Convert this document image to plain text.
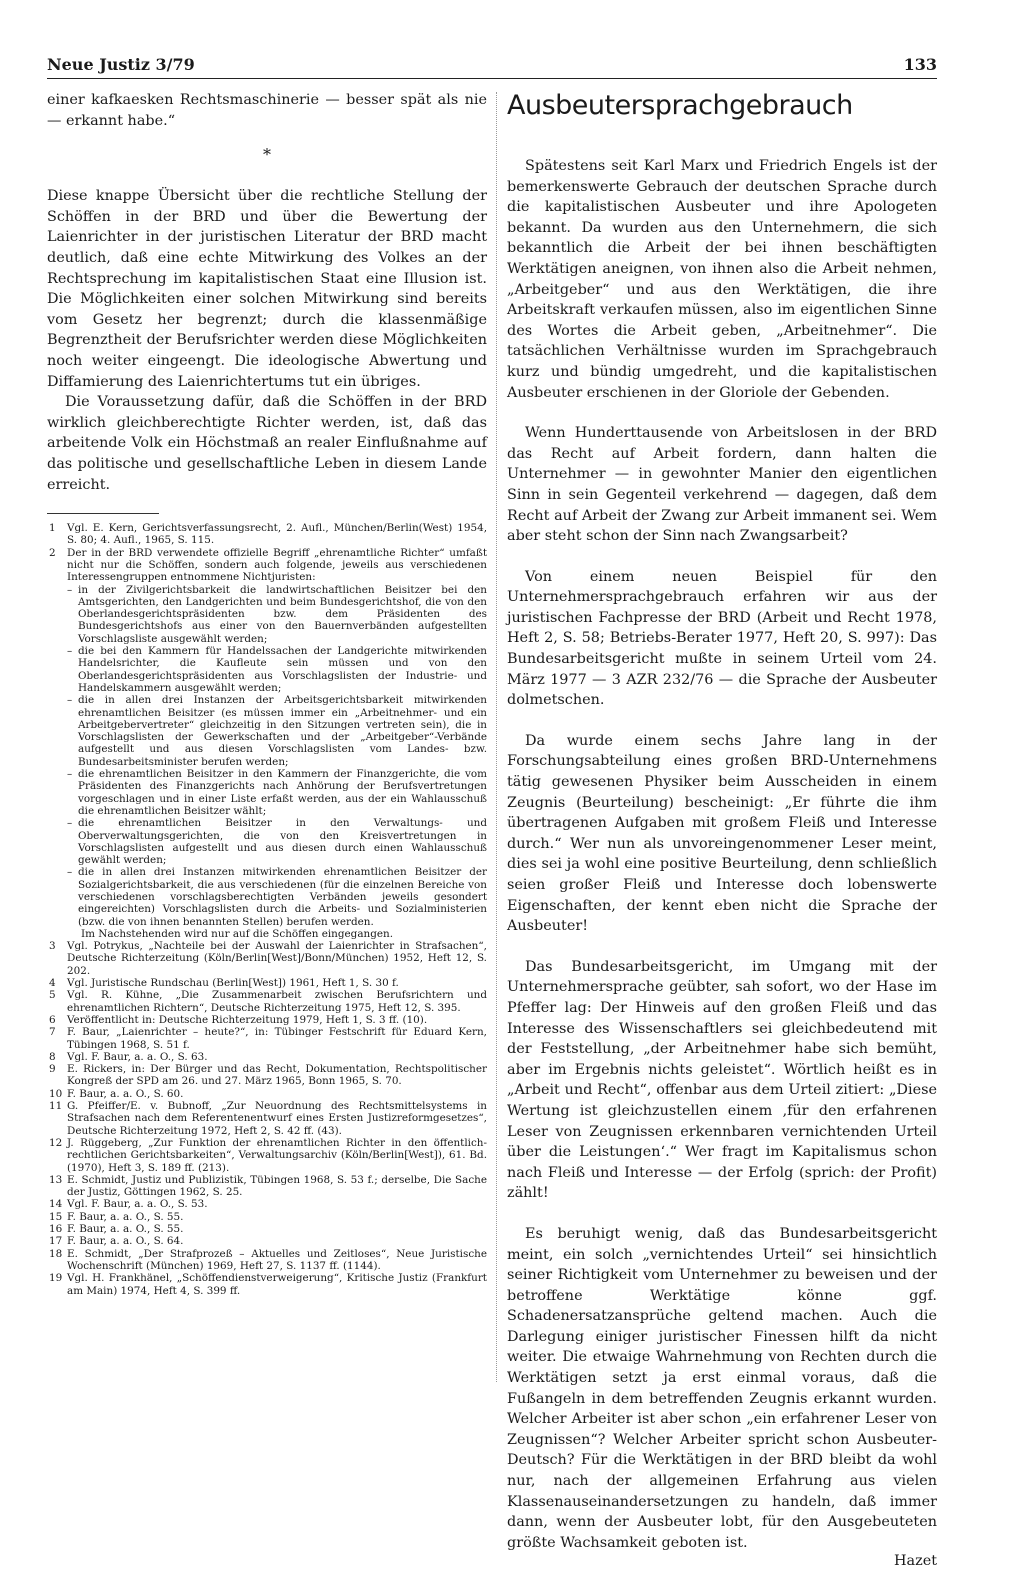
Neue Justiz 3/79	133

einer kafkaesken Rechtsmaschinerie — besser spät als nie — erkannt habe.“

*

Diese knappe Übersicht über die rechtliche Stellung der Schöffen in der BRD und über die Bewertung der Laienrichter in der juristischen Literatur der BRD macht deutlich, daß eine echte Mitwirkung des Volkes an der Rechtsprechung im kapitalistischen Staat eine Illusion ist. Die Möglichkeiten einer solchen Mitwirkung sind bereits vom Gesetz her begrenzt; durch die klassenmäßige Begrenztheit der Berufsrichter werden diese Möglichkeiten noch weiter eingeengt. Die ideologische Abwertung und Diffamierung des Laienrichtertums tut ein übriges.

Die Voraussetzung dafür, daß die Schöffen in der BRD wirklich gleichberechtigte Richter werden, ist, daß das arbeitende Volk ein Höchstmaß an realer Einflußnahme auf das politische und gesellschaftliche Leben in diesem Lande erreicht.

1 Vgl. E. Kern, Gerichtsverfassungsrecht, 2. Aufl., München/Berlin(West) 1954, S. 80; 4. Aufl., 1965, S. 115.
2 Der in der BRD verwendete offizielle Begriff „ehrenamtliche Richter“ umfaßt nicht nur die Schöffen, sondern auch folgende, jeweils aus verschiedenen Interessengruppen entnommene Nichtjuristen:
– in der Zivilgerichtsbarkeit die landwirtschaftlichen Beisitzer bei den Amtsgerichten, den Landgerichten und beim Bundesgerichtshof, die von den Oberlandesgerichtspräsidenten bzw. dem Präsidenten des Bundesgerichtshofs aus einer von den Bauernverbänden aufgestellten Vorschlagsliste ausgewählt werden;
– die bei den Kammern für Handelssachen der Landgerichte mitwirkenden Handelsrichter, die Kaufleute sein müssen und von den Oberlandesgerichtspräsidenten aus Vorschlagslisten der Industrie- und Handelskammern ausgewählt werden;
– die in allen drei Instanzen der Arbeitsgerichtsbarkeit mitwirkenden ehrenamtlichen Beisitzer (es müssen immer ein „Arbeitnehmer- und ein Arbeitgebervertreter“ gleichzeitig in den Sitzungen vertreten sein), die in Vorschlagslisten der Gewerkschaften und der „Arbeitgeber“-Verbände aufgestellt und aus diesen Vorschlagslisten vom Landes- bzw. Bundesarbeitsminister berufen werden;
– die ehrenamtlichen Beisitzer in den Kammern der Finanzgerichte, die vom Präsidenten des Finanzgerichts nach Anhörung der Berufsvertretungen vorgeschlagen und in einer Liste erfaßt werden, aus der ein Wahlausschuß die ehrenamtlichen Beisitzer wählt;
– die ehrenamtlichen Beisitzer in den Verwaltungs- und Oberverwaltungsgerichten, die von den Kreisvertretungen in Vorschlagslisten aufgestellt und aus diesen durch einen Wahlausschuß gewählt werden;
– die in allen drei Instanzen mitwirkenden ehrenamtlichen Beisitzer der Sozialgerichtsbarkeit, die aus verschiedenen (für die einzelnen Bereiche von verschiedenen vorschlagsberechtigten Verbänden jeweils gesondert eingereichten) Vorschlagslisten durch die Arbeits- und Sozialministerien (bzw. die von ihnen benannten Stellen) berufen werden.
Im Nachstehenden wird nur auf die Schöffen eingegangen.
3 Vgl. Potrykus, „Nachteile bei der Auswahl der Laienrichter in Strafsachen“, Deutsche Richterzeitung (Köln/Berlin[West]/Bonn/München) 1952, Heft 12, S. 202.
4 Vgl. Juristische Rundschau (Berlin[West]) 1961, Heft 1, S. 30 f.
5 Vgl. R. Kühne, „Die Zusammenarbeit zwischen Berufsrichtern und ehrenamtlichen Richtern“, Deutsche Richterzeitung 1975, Heft 12, S. 395.
6 Veröffentlicht in: Deutsche Richterzeitung 1979, Heft 1, S. 3 ff. (10).
7 F. Baur, „Laienrichter – heute?“, in: Tübinger Festschrift für Eduard Kern, Tübingen 1968, S. 51 f.
8 Vgl. F. Baur, a. a. O., S. 63.
9 E. Rickers, in: Der Bürger und das Recht, Dokumentation, Rechtspolitischer Kongreß der SPD am 26. und 27. März 1965, Bonn 1965, S. 70.
10 F. Baur, a. a. O., S. 60.
11 G. Pfeiffer/E. v. Bubnoff, „Zur Neuordnung des Rechtsmittelsystems in Strafsachen nach dem Referentenentwurf eines Ersten Justizreformgesetzes“, Deutsche Richterzeitung 1972, Heft 2, S. 42 ff. (43).
12 J. Rüggeberg, „Zur Funktion der ehrenamtlichen Richter in den öffentlich-rechtlichen Gerichtsbarkeiten“, Verwaltungsarchiv (Köln/Berlin[West]), 61. Bd. (1970), Heft 3, S. 189 ff. (213).
13 E. Schmidt, Justiz und Publizistik, Tübingen 1968, S. 53 f.; derselbe, Die Sache der Justiz, Göttingen 1962, S. 25.
14 Vgl. F. Baur, a. a. O., S. 53.
15 F. Baur, a. a. O., S. 55.
16 F. Baur, a. a. O., S. 55.
17 F. Baur, a. a. O., S. 64.
18 E. Schmidt, „Der Strafprozeß – Aktuelles und Zeitloses“, Neue Juristische Wochenschrift (München) 1969, Heft 27, S. 1137 ff. (1144).
19 Vgl. H. Frankhänel, „Schöffendienstverweigerung“, Kritische Justiz (Frankfurt am Main) 1974, Heft 4, S. 399 ff.
Ausbeutersprachgebrauch

Spätestens seit Karl Marx und Friedrich Engels ist der bemerkenswerte Gebrauch der deutschen Sprache durch die kapitalistischen Ausbeuter und ihre Apologeten bekannt. Da wurden aus den Unternehmern, die sich bekanntlich die Arbeit der bei ihnen beschäftigten Werktätigen aneignen, von ihnen also die Arbeit nehmen, „Arbeitgeber“ und aus den Werktätigen, die ihre Arbeitskraft verkaufen müssen, also im eigentlichen Sinne des Wortes die Arbeit geben, „Arbeitnehmer“. Die tatsächlichen Verhältnisse wurden im Sprachgebrauch kurz und bündig umgedreht, und die kapitalistischen Ausbeuter erschienen in der Gloriole der Gebenden.

Wenn Hunderttausende von Arbeitslosen in der BRD das Recht auf Arbeit fordern, dann halten die Unternehmer — in gewohnter Manier den eigentlichen Sinn in sein Gegenteil verkehrend — dagegen, daß dem Recht auf Arbeit der Zwang zur Arbeit immanent sei. Wem aber steht schon der Sinn nach Zwangsarbeit?

Von einem neuen Beispiel für den Unternehmersprachgebrauch erfahren wir aus der juristischen Fachpresse der BRD (Arbeit und Recht 1978, Heft 2, S. 58; Betriebs-Berater 1977, Heft 20, S. 997): Das Bundesarbeitsgericht mußte in seinem Urteil vom 24. März 1977 — 3 AZR 232/76 — die Sprache der Ausbeuter dolmetschen.

Da wurde einem sechs Jahre lang in der Forschungsabteilung eines großen BRD-Unternehmens tätig gewesenen Physiker beim Ausscheiden in einem Zeugnis (Beurteilung) bescheinigt: „Er führte die ihm übertragenen Aufgaben mit großem Fleiß und Interesse durch.“ Wer nun als unvoreingenommener Leser meint, dies sei ja wohl eine positive Beurteilung, denn schließlich seien großer Fleiß und Interesse doch lobenswerte Eigenschaften, der kennt eben nicht die Sprache der Ausbeuter!

Das Bundesarbeitsgericht, im Umgang mit der Unternehmersprache geübter, sah sofort, wo der Hase im Pfeffer lag: Der Hinweis auf den großen Fleiß und das Interesse des Wissenschaftlers sei gleichbedeutend mit der Feststellung, „der Arbeitnehmer habe sich bemüht, aber im Ergebnis nichts geleistet“. Wörtlich heißt es in „Arbeit und Recht“, offenbar aus dem Urteil zitiert: „Diese Wertung ist gleichzustellen einem ‚für den erfahrenen Leser von Zeugnissen erkennbaren vernichtenden Urteil über die Leistungen‘.“ Wer fragt im Kapitalismus schon nach Fleiß und Interesse — der Erfolg (sprich: der Profit) zählt!

Es beruhigt wenig, daß das Bundesarbeitsgericht meint, ein solch „vernichtendes Urteil“ sei hinsichtlich seiner Richtigkeit vom Unternehmer zu beweisen und der betroffene Werktätige könne ggf. Schadenersatzansprüche geltend machen. Auch die Darlegung einiger juristischer Finessen hilft da nicht weiter. Die etwaige Wahrnehmung von Rechten durch die Werktätigen setzt ja erst einmal voraus, daß die Fußangeln in dem betreffenden Zeugnis erkannt wurden. Welcher Arbeiter ist aber schon „ein erfahrener Leser von Zeugnissen“? Welcher Arbeiter spricht schon Ausbeuter-Deutsch? Für die Werktätigen in der BRD bleibt da wohl nur, nach der allgemeinen Erfahrung aus vielen Klassenauseinandersetzungen zu handeln, daß immer dann, wenn der Ausbeuter lobt, für den Ausgebeuteten größte Wachsamkeit geboten ist.

Hazet
